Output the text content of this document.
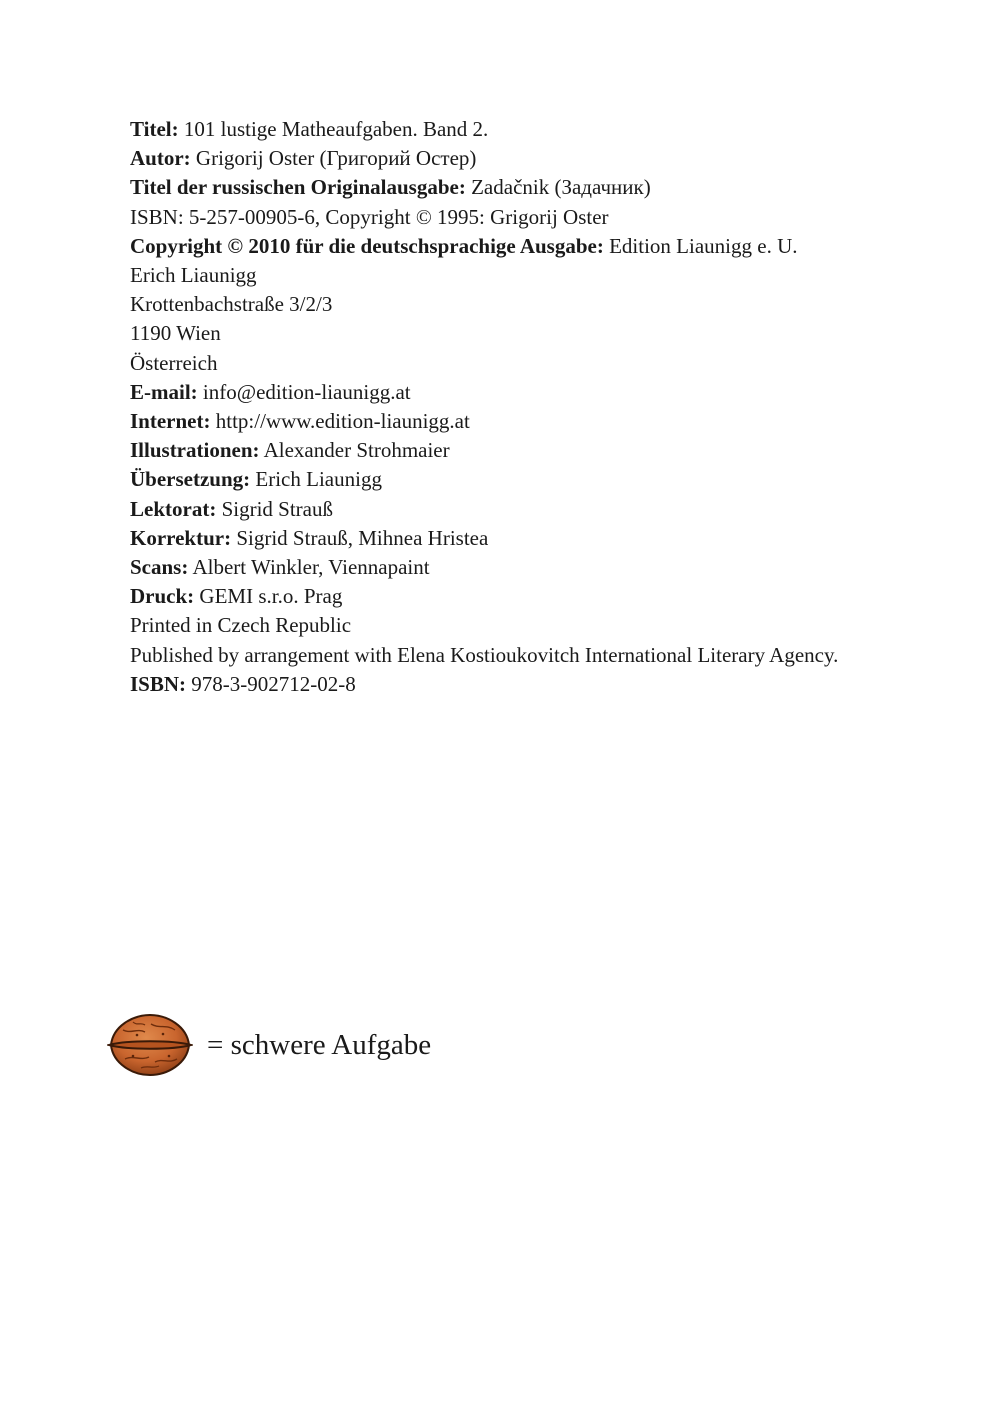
Titel: 101 lustige Matheaufgaben. Band 2.

Autor: Grigorij Oster (Григорий Остер)

Titel der russischen Originalausgabe: Zadačnik (Задачник)

ISBN: 5-257-00905-6, Copyright © 1995: Grigorij Oster

Copyright © 2010 für die deutschsprachige Ausgabe: Edition Liaunigg e. U.

Erich Liaunigg

Krottenbachstraße 3/2/3

1190 Wien

Österreich

E-mail: info@edition-liaunigg.at

Internet: http://www.edition-liaunigg.at

Illustrationen: Alexander Strohmaier

Übersetzung: Erich Liaunigg

Lektorat: Sigrid Strauß

Korrektur: Sigrid Strauß, Mihnea Hristea

Scans: Albert Winkler, Viennapaint

Druck: GEMI s.r.o. Prag

Printed in Czech Republic

Published by arrangement with Elena Kostioukovitch International Literary Agency.

ISBN: 978-3-902712-02-8

= schwere Aufgabe
